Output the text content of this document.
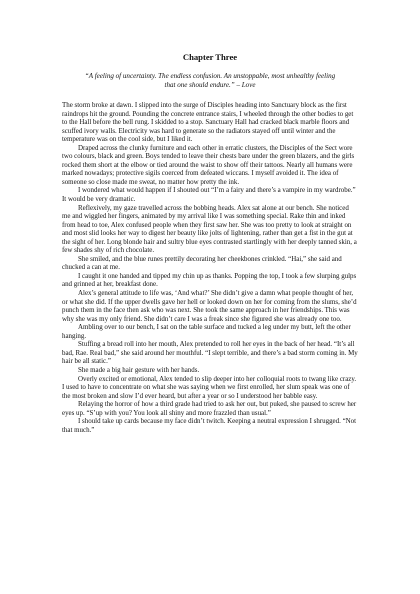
Chapter Three
“A feeling of uncertainty. The endless confusion. An unstoppable, most unhealthy feeling that one should endure.” – Love

The storm broke at dawn. I slipped into the surge of Disciples heading into Sanctuary block as the first raindrops hit the ground. Pounding the concrete entrance stairs, I wheeled through the other bodies to get to the Hall before the bell rung. I skidded to a stop. Sanctuary Hall had cracked black marble floors and scuffed ivory walls. Electricity was hard to generate so the radiators stayed off until winter and the temperature was on the cool side, but I liked it.

Draped across the clunky furniture and each other in erratic clusters, the Disciples of the Sect wore two colours, black and green. Boys tended to leave their chests bare under the green blazers, and the girls rocked them short at the elbow or tied around the waist to show off their tattoos. Nearly all humans were marked nowadays; protective sigils coerced from defeated wiccans. I myself avoided it. The idea of someone so close made me sweat, no matter how pretty the ink.

I wondered what would happen if I shouted out “I’m a fairy and there’s a vampire in my wardrobe.” It would be very dramatic.

Reflexively, my gaze travelled across the bobbing heads. Alex sat alone at our bench. She noticed me and wiggled her fingers, animated by my arrival like I was something special. Rake thin and inked from head to toe, Alex confused people when they first saw her. She was too pretty to look at straight on and most slid looks her way to digest her beauty like jolts of lightening, rather than get a fist in the gut at the sight of her. Long blonde hair and sultry blue eyes contrasted startlingly with her deeply tanned skin, a few shades shy of rich chocolate.

She smiled, and the blue runes prettily decorating her cheekbones crinkled. “Hai,” she said and chucked a can at me.

I caught it one handed and tipped my chin up as thanks. Popping the top, I took a few slurping gulps and grinned at her, breakfast done.

Alex’s general attitude to life was, ‘And what?’ She didn’t give a damn what people thought of her, or what she did. If the upper dwells gave her hell or looked down on her for coming from the slums, she’d punch them in the face then ask who was next. She took the same approach in her friendships. This was why she was my only friend. She didn’t care I was a freak since she figured she was already one too.

Ambling over to our bench, I sat on the table surface and tucked a leg under my butt, left the other hanging.

Stuffing a bread roll into her mouth, Alex pretended to roll her eyes in the back of her head. “It’s all bad, Rae. Real bad,” she said around her mouthful. “I slept terrible, and there’s a bad storm coming in. My hair be all static.”

She made a big hair gesture with her hands.

Overly excited or emotional, Alex tended to slip deeper into her colloquial roots to twang like crazy. I used to have to concentrate on what she was saying when we first enrolled, her slum speak was one of the most broken and slow I’d ever heard, but after a year or so I understood her babble easy.

Relaying the horror of how a third grade had tried to ask her out, but puked, she paused to screw her eyes up. “S’up with you? You look all shiny and more frazzled than usual.”

I should take up cards because my face didn’t twitch. Keeping a neutral expression I shrugged. “Not that much.”
